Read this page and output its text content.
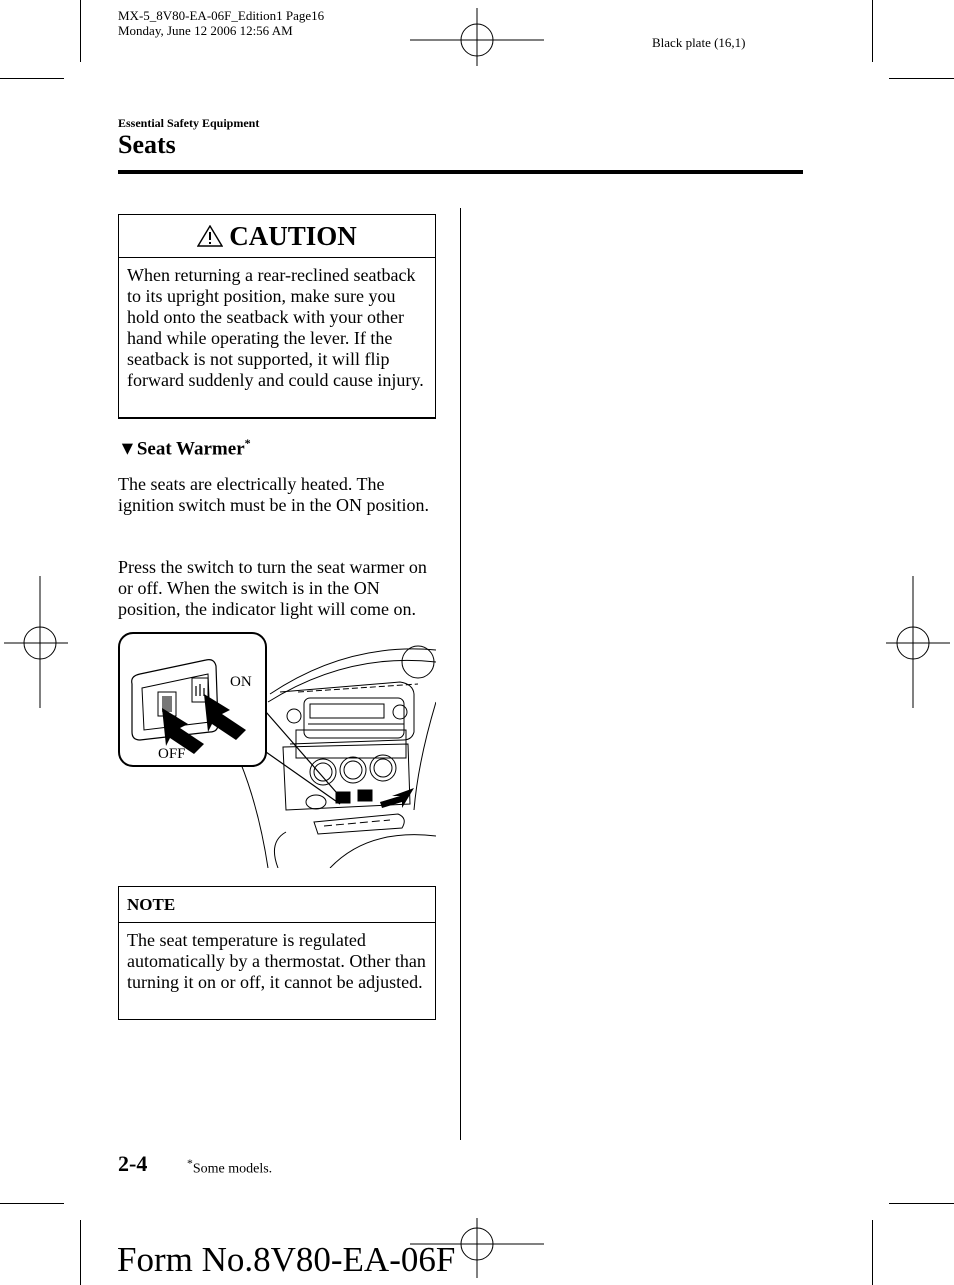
MX-5_8V80-EA-06F_Edition1 Page16
Monday, June 12 2006 12:56 AM
Black plate (16,1)
Essential Safety Equipment
Seats
CAUTION
When returning a rear-reclined seatback to its upright position, make sure you hold onto the seatback with your other hand while operating the lever. If the seatback is not supported, it will flip forward suddenly and could cause injury.
▼Seat Warmer*
The seats are electrically heated. The ignition switch must be in the ON position.
Press the switch to turn the seat warmer on or off. When the switch is in the ON position, the indicator light will come on.
ON
OFF
NOTE
The seat temperature is regulated automatically by a thermostat. Other than turning it on or off, it cannot be adjusted.
2-4	*Some models.
Form No.8V80-EA-06F
